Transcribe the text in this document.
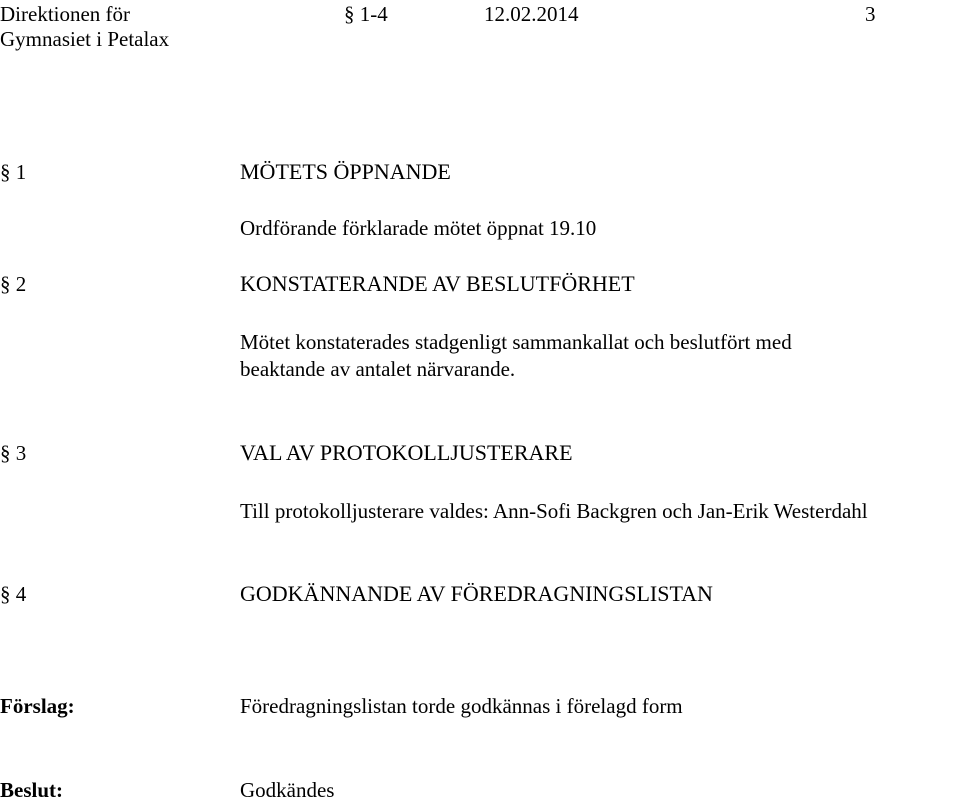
Direktionen för
Gymnasiet i Petalax
§ 1-4	12.02.2014	3
§ 1	MÖTETS ÖPPNANDE
Ordförande förklarade mötet öppnat 19.10
§ 2	KONSTATERANDE AV BESLUTFÖRHET
Mötet konstaterades stadgenligt sammankallat och beslutfört med
beaktande av antalet närvarande.
§ 3	VAL AV PROTOKOLLJUSTERARE
Till protokolljusterare valdes: Ann-Sofi Backgren och Jan-Erik Westerdahl
§ 4	GODKÄNNANDE AV FÖREDRAGNINGSLISTAN
Förslag:	Föredragningslistan torde godkännas i förelagd form
Beslut:	Godkändes
